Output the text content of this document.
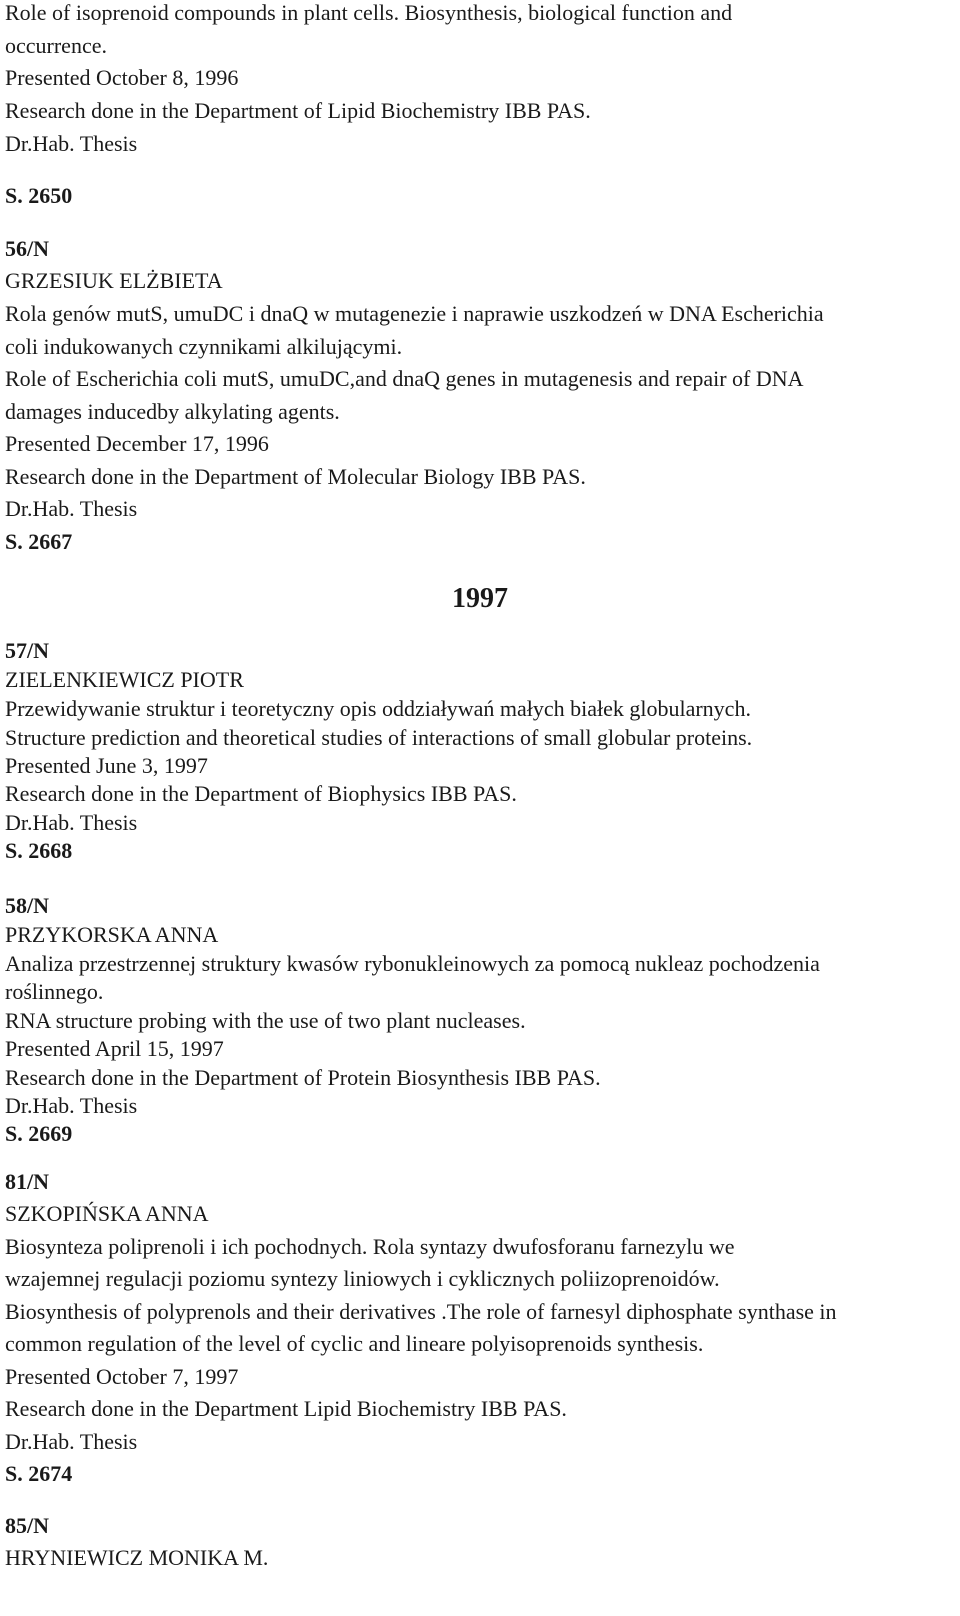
Role of isoprenoid compounds in plant cells. Biosynthesis, biological function and
occurrence.
Presented October 8, 1996
Research done in the Department of Lipid Biochemistry IBB PAS.
Dr.Hab. Thesis
S. 2650
56/N
GRZESIUK ELŻBIETA
Rola genów mutS, umuDC i dnaQ w mutagenezie i naprawie uszkodzeń w DNA Escherichia
coli indukowanych czynnikami alkilującymi.
Role of Escherichia coli mutS, umuDC,and dnaQ genes in mutagenesis and repair of DNA
damages inducedby alkylating agents.
Presented December 17, 1996
Research done in the Department of Molecular Biology IBB PAS.
Dr.Hab. Thesis
S. 2667
1997
57/N
ZIELENKIEWICZ PIOTR
Przewidywanie struktur i teoretyczny opis oddziaływań małych białek globularnych.
Structure prediction and theoretical studies of interactions of small globular proteins.
Presented June 3, 1997
Research done in the Department of Biophysics IBB PAS.
Dr.Hab. Thesis
S. 2668
58/N
PRZYKORSKA ANNA
Analiza przestrzennej struktury kwasów rybonukleinowych za pomocą nukleaz pochodzenia
roślinnego.
RNA structure probing with the use of two plant nucleases.
Presented April 15, 1997
Research done in the Department of Protein Biosynthesis IBB PAS.
Dr.Hab. Thesis
S. 2669
81/N
SZKOPIŃSKA ANNA
Biosynteza poliprenoli i ich pochodnych. Rola syntazy dwufosforanu farnezylu we
wzajemnej regulacji poziomu syntezy liniowych i cyklicznych poliizoprenoidów.
Biosynthesis of polyprenols and their derivatives .The role of farnesyl diphosphate synthase in
common regulation of the level of cyclic and lineare polyisoprenoids synthesis.
Presented October 7, 1997
Research done in the Department Lipid Biochemistry IBB PAS.
Dr.Hab. Thesis
S. 2674
85/N
HRYNIEWICZ MONIKA M.
